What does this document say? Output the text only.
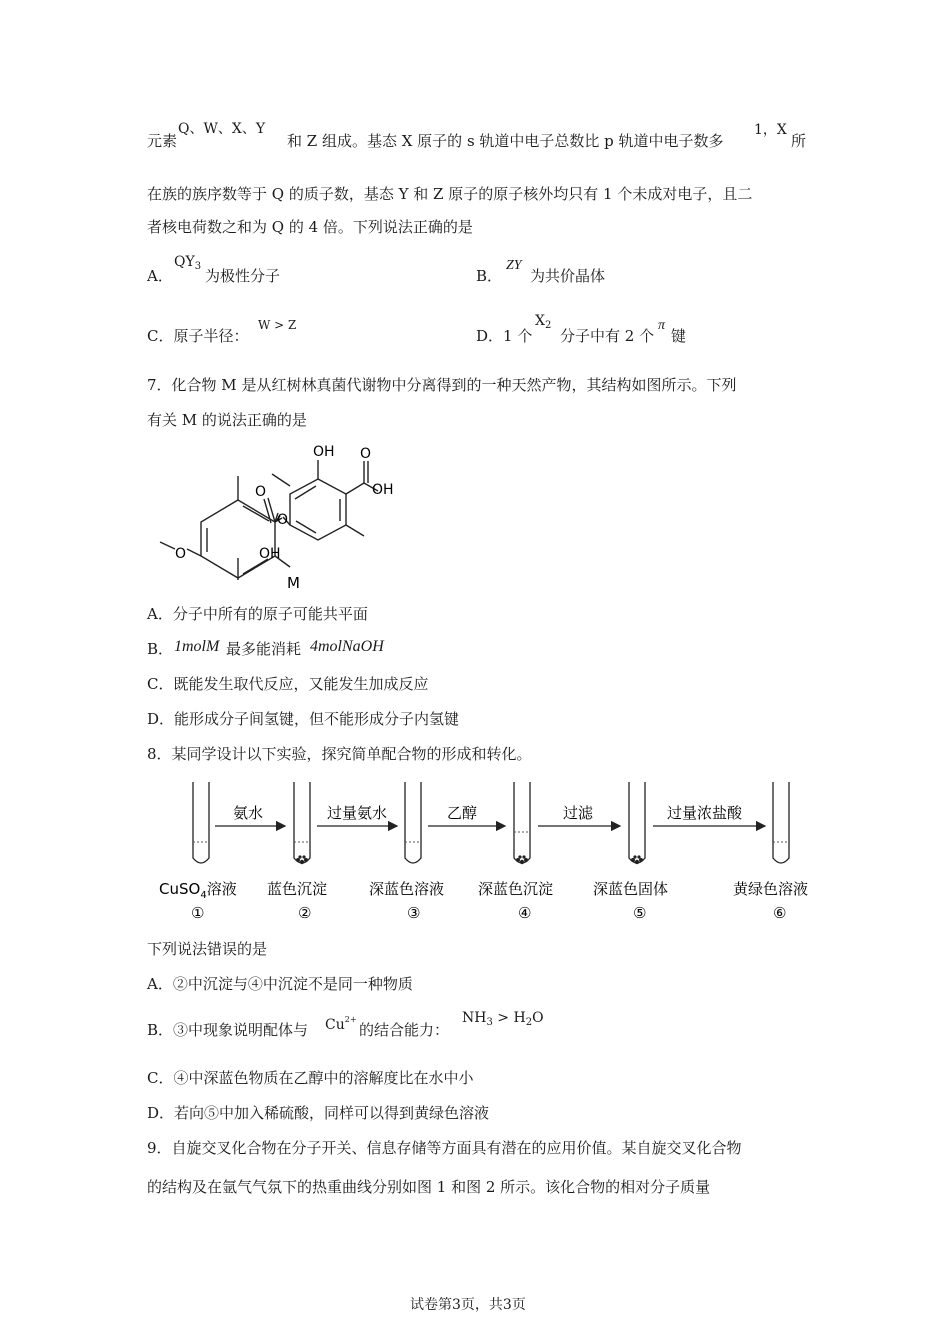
元素
Q、W、X、Y
和 Z 组成。基态 X 原子的 s 轨道中电子总数比 p 轨道中电子数多
1，X
所
在族的族序数等于 Q 的质子数，基态 Y 和 Z 原子的原子核外均只有 1 个未成对电子，且二
者核电荷数之和为 Q 的 4 倍。下列说法正确的是
A．
$QY_3$
为极性分子	B．
ZY
为共价晶体
C．原子半径：
W > Z
D．1 个
$X_2$
分子中有 2 个
π
键
7．化合物 M 是从红树林真菌代谢物中分离得到的一种天然产物，其结构如图所示。下列
有关 M 的说法正确的是
OH
O
O
OH
O
O	OH
M
A．分子中所有的原子可能共平面
B． 1molM 最多能消耗 4molNaOH
C．既能发生取代反应，又能发生加成反应
D．能形成分子间氢键，但不能形成分子内氢键
8．某同学设计以下实验，探究简单配合物的形成和转化。
氨水	过量氨水	乙醇	过滤	过量浓盐酸
CuSO$_4$溶液 蓝色沉淀	深蓝色溶液 深蓝色沉淀	深蓝色固体	黄绿色溶液
①	②	③	④	⑤	⑥
下列说法错误的是
A．②中沉淀与④中沉淀不是同一种物质
B．③中现象说明配体与 $Cu^{2+}$
的结合能力：
$NH_3 > H_2O$
C．④中深蓝色物质在乙醇中的溶解度比在水中小
D．若向⑤中加入稀硫酸，同样可以得到黄绿色溶液
9．自旋交叉化合物在分子开关、信息存储等方面具有潜在的应用价值。某自旋交叉化合物
的结构及在氩气气氛下的热重曲线分别如图 1 和图 2 所示。该化合物的相对分子质量
试卷第3页，共3页
